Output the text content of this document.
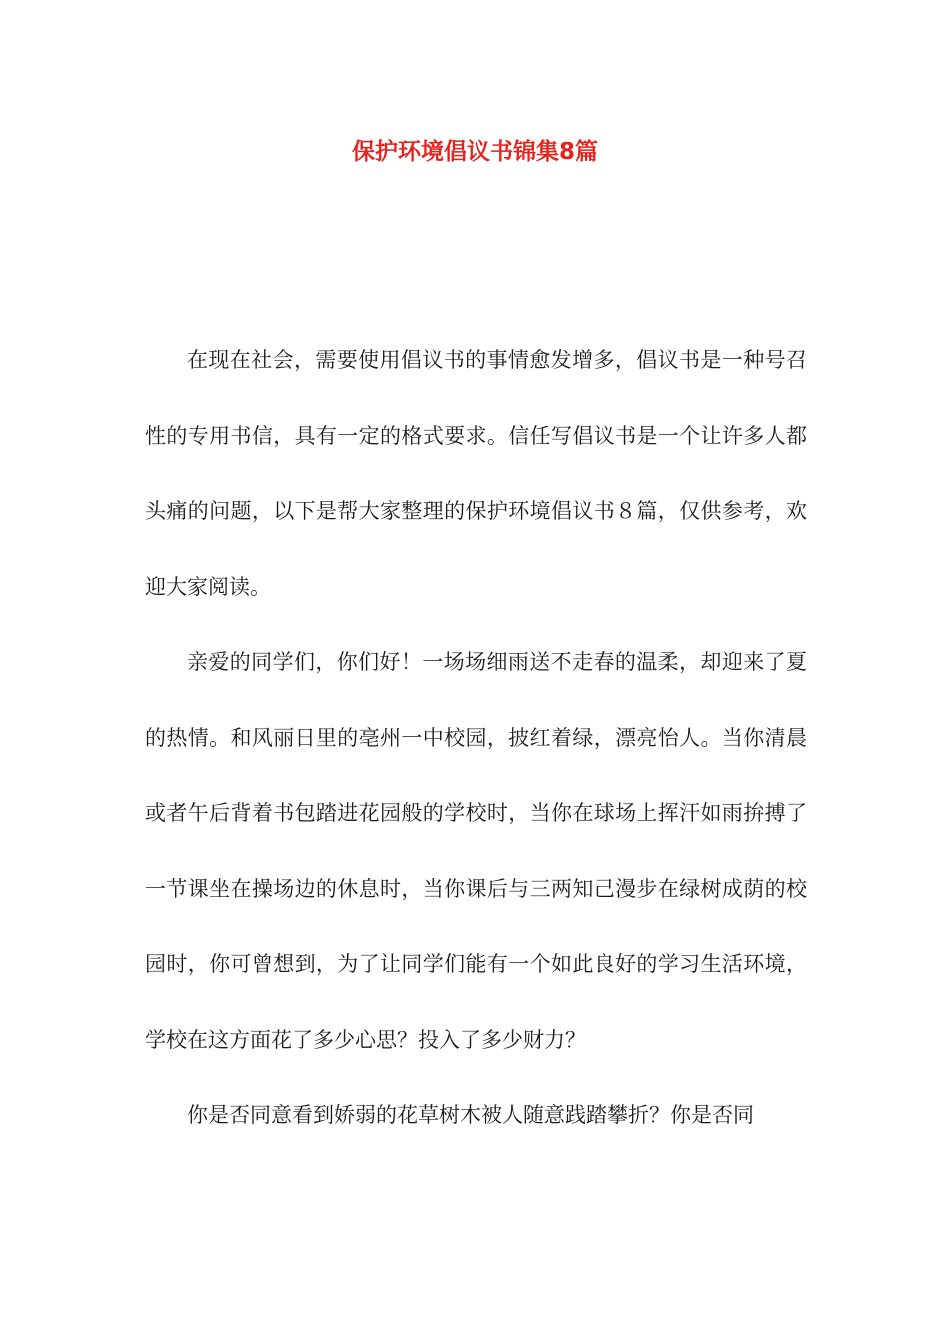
保护环境倡议书锦集8篇

在现在社会，需要使用倡议书的事情愈发增多，倡议书是一种号召性的专用书信，具有一定的格式要求。信任写倡议书是一个让许多人都头痛的问题，以下是帮大家整理的保护环境倡议书８篇，仅供参考，欢迎大家阅读。

亲爱的同学们，你们好！一场场细雨送不走春的温柔，却迎来了夏的热情。和风丽日里的亳州一中校园，披红着绿，漂亮怡人。当你清晨或者午后背着书包踏进花园般的学校时，当你在球场上挥汗如雨拚搏了一节课坐在操场边的休息时，当你课后与三两知己漫步在绿树成荫的校园时，你可曾想到，为了让同学们能有一个如此良好的学习生活环境，学校在这方面花了多少心思？投入了多少财力？

你是否同意看到娇弱的花草树木被人随意践踏攀折？你是否同
